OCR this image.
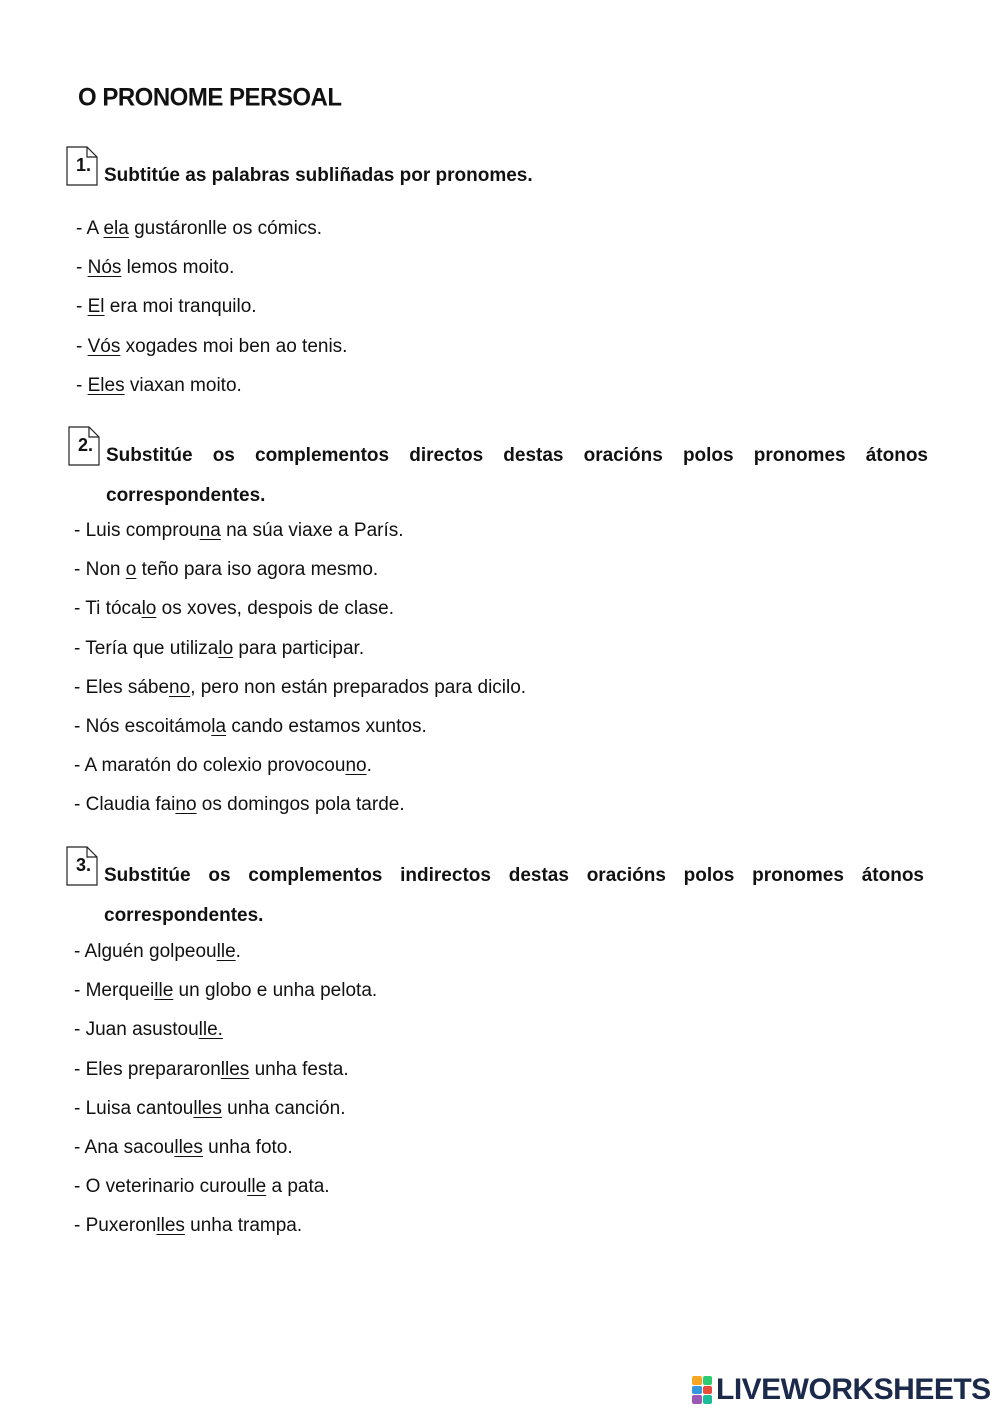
O PRONOME PERSOAL
1. Subtitúe as palabras subliñadas por pronomes.
- A ela gustáronlle os cómics.
- Nós lemos moito.
- El era moi tranquilo.
- Vós xogades moi ben ao tenis.
- Eles viaxan moito.
2. Substitúe os complementos directos destas oracións polos pronomes átonos
correspondentes.
- Luis comprouna na súa viaxe a París.
- Non o teño para iso agora mesmo.
- Ti tócalo os xoves, despois de clase.
- Tería que utilizalo para participar.
- Eles sábeno, pero non están preparados para dicilo.
- Nós escoitámola cando estamos xuntos.
- A maratón do colexio provocouno.
- Claudia faino os domingos pola tarde.
3. Substitúe os complementos indirectos destas oracións polos pronomes átonos
correspondentes.
- Alguén golpeoulle.
- Merqueille un globo e unha pelota.
- Juan asustoulle.
- Eles prepararonlles unha festa.
- Luisa cantoulles unha canción.
- Ana sacoulles unha foto.
- O veterinario curoulle a pata.
- Puxeronlles unha trampa.
LIVEWORKSHEETS
